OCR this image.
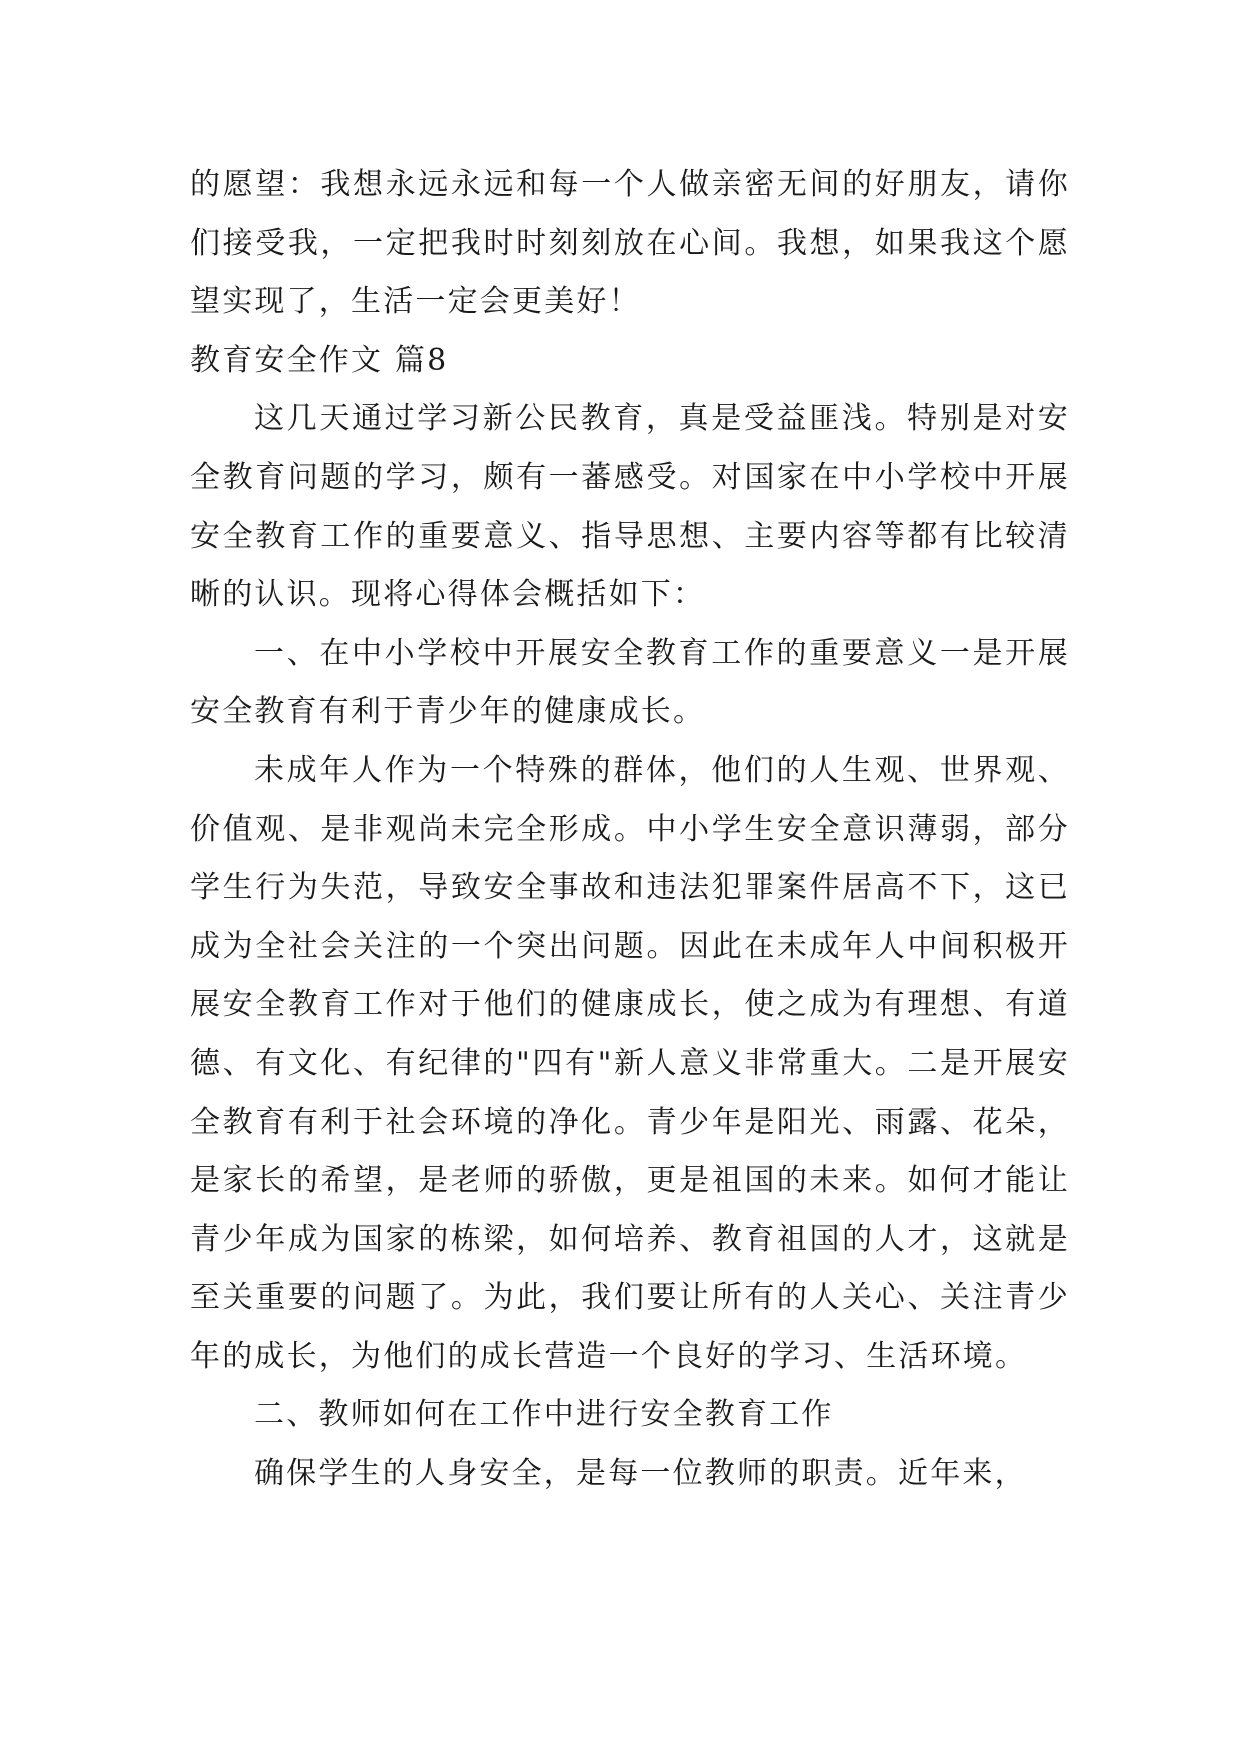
的愿望：我想永远永远和每一个人做亲密无间的好朋友，请你们接受我，一定把我时时刻刻放在心间。我想，如果我这个愿望实现了，生活一定会更美好！

教育安全作文 篇8

这几天通过学习新公民教育，真是受益匪浅。特别是对安全教育问题的学习，颇有一蕃感受。对国家在中小学校中开展安全教育工作的重要意义、指导思想、主要内容等都有比较清晰的认识。现将心得体会概括如下：

一、在中小学校中开展安全教育工作的重要意义一是开展安全教育有利于青少年的健康成长。

未成年人作为一个特殊的群体，他们的人生观、世界观、价值观、是非观尚未完全形成。中小学生安全意识薄弱，部分学生行为失范，导致安全事故和违法犯罪案件居高不下，这已成为全社会关注的一个突出问题。因此在未成年人中间积极开展安全教育工作对于他们的健康成长，使之成为有理想、有道德、有文化、有纪律的"四有"新人意义非常重大。二是开展安全教育有利于社会环境的净化。青少年是阳光、雨露、花朵，是家长的希望，是老师的骄傲，更是祖国的未来。如何才能让青少年成为国家的栋梁，如何培养、教育祖国的人才，这就是至关重要的问题了。为此，我们要让所有的人关心、关注青少年的成长，为他们的成长营造一个良好的学习、生活环境。

二、教师如何在工作中进行安全教育工作

确保学生的人身安全，是每一位教师的职责。近年来，
